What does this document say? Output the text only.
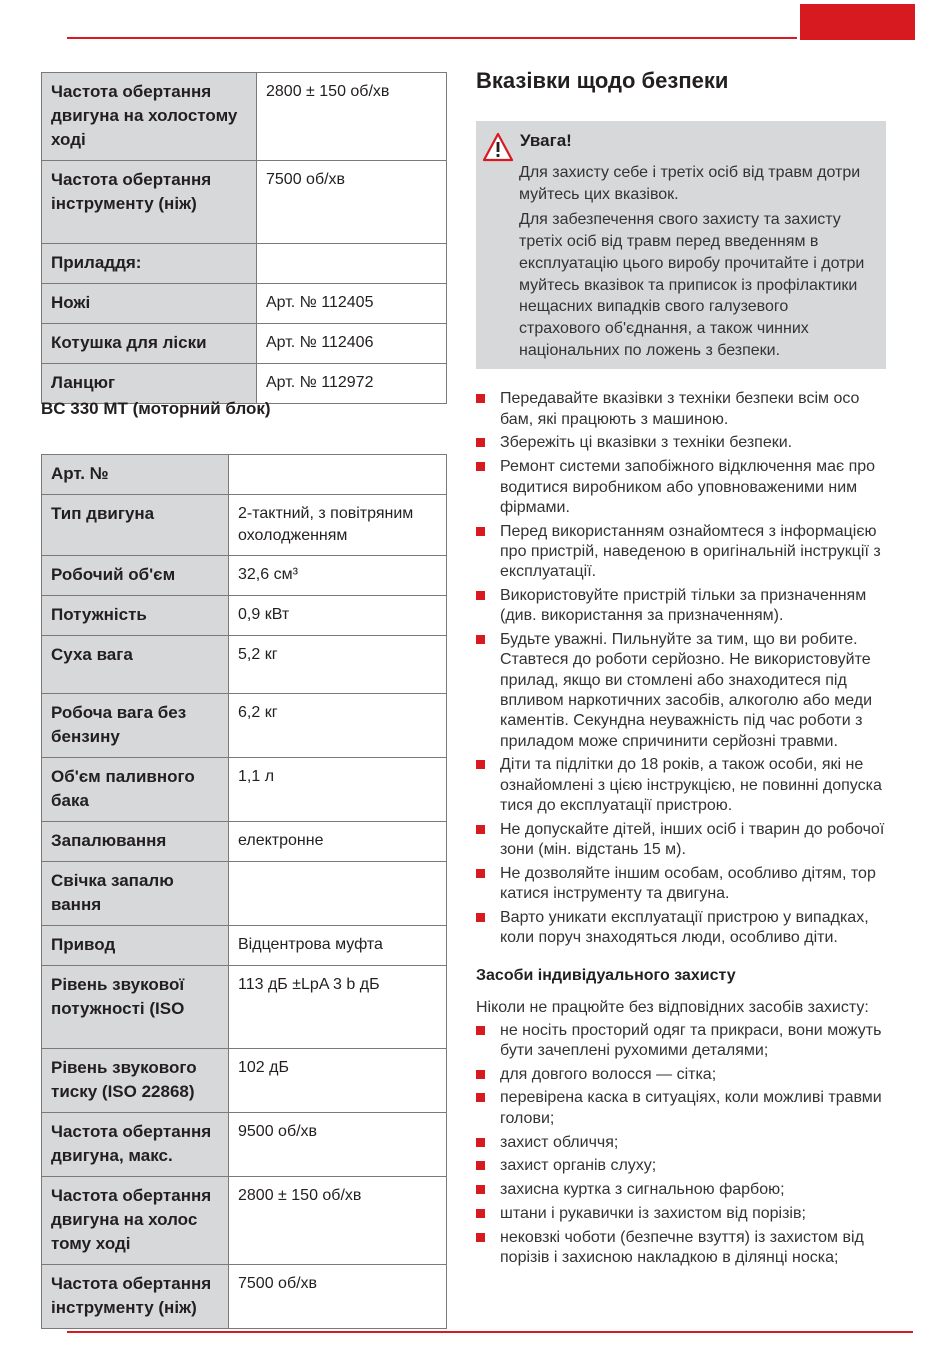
Частота обертання двигуна на холостому ході	2800 ± 150 об/хв
Частота обертання інструменту (ніж)	7500 об/хв
Приладдя:	
Ножі	Арт. № 112405
Котушка для ліски	Арт. № 112406
Ланцюг	Арт. № 112972
BC 330 MT (моторний блок)
Арт. №	
Тип двигуна	2-тактний, з повітряним охолодженням
Робочий об'єм	32,6 см³
Потужність	0,9 кВт
Суха вага	5,2 кг
Робоча вага без бензину	6,2 кг
Об'єм паливного бака	1,1 л
Запалювання	електронне
Свічка запалю вання	
Привод	Відцентрова муфта
Рівень звукової потужності (ISO	113 дБ ±LpA 3 b дБ
Рівень звукового тиску (ISO 22868)	102 дБ
Частота обертання двигуна, макс.	9500 об/хв
Частота обертання двигуна на холос тому ході	2800 ± 150 об/хв
Частота обертання інструменту (ніж)	7500 об/хв
Вказівки щодо безпеки
Увага!

Для захисту себе і третіх осіб від травм дотри муйтесь цих вказівок.

Для забезпечення свого захисту та захисту третіх осіб від травм перед введенням в експлуатацію цього виробу прочитайте і дотри муйтесь вказівок та приписок із профілактики нещасних випадків свого галузевого страхового об'єднання, а також чинних національних по ложень з безпеки.

Передавайте вказівки з техніки безпеки всім осо бам, які працюють з машиною.
Збережіть ці вказівки з техніки безпеки.
Ремонт системи запобіжного відключення має про водитися виробником або уповноваженими ним фірмами.
Перед використанням ознайомтеся з інформацією про пристрій, наведеною в оригінальній інструкції з експлуатації.
Використовуйте пристрій тільки за призначенням (див. використання за призначенням).
Будьте уважні. Пильнуйте за тим, що ви робите. Ставтеся до роботи серйозно. Не використовуйте прилад, якщо ви стомлені або знаходитеся під впливом наркотичних засобів, алкоголю або меди каментів. Секундна неуважність під час роботи з приладом може спричинити серйозні травми.
Діти та підлітки до 18 років, а також особи, які не ознайомлені з цією інструкцією, не повинні допуска тися до експлуатації пристрою.
Не допускайте дітей, інших осіб і тварин до робочої зони (мін. відстань 15 м).
Не дозволяйте іншим особам, особливо дітям, тор катися інструменту та двигуна.
Варто уникати експлуатації пристрою у випадках, коли поруч знаходяться люди, особливо діти.
Засоби індивідуального захисту

Ніколи не працюйте без відповідних засобів захисту:

не носіть просторий одяг та прикраси, вони можуть бути зачеплені рухомими деталями;
для довгого волосся — сітка;
перевірена каска в ситуаціях, коли можливі травми голови;
захист обличчя;
захист органів слуху;
захисна куртка з сигнальною фарбою;
штани і рукавички із захистом від порізів;
нековзкі чоботи (безпечне взуття) із захистом від порізів і захисною накладкою в ділянці носка;
